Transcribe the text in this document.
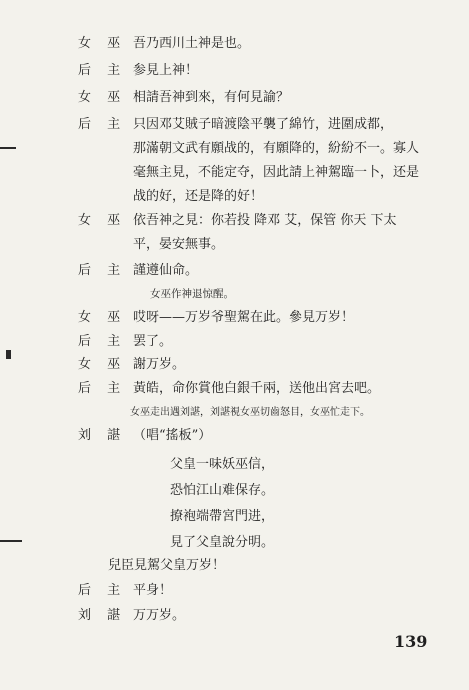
女 巫 吾乃西川土神是也。
后 主 参見上神！
女 巫 相請吾神到來，有何見諭？
后 主 只因邓艾賊子暗渡陰平襲了綿竹，进圍成都，
那滿朝文武有願战的，有願降的，紛紛不一。寡人
毫無主見，不能定夺，因此請上神駕臨一卜，还是
战的好，还是降的好！
女 巫 依吾神之見：你若投 降邓 艾，保管 你天 下太
平，晏安無事。
后 主 謹遵仙命。
女巫作神退惊醒。
女 巫 哎呀——万岁爷聖駕在此。參見万岁！
后 主 罢了。
女 巫 謝万岁。
后 主 黃皓，命你賞他白銀千兩，送他出宮去吧。
女巫走出遇刘諶，刘諶視女巫切齒怒目，女巫忙走下。
刘 諶 （唱“搖板”）
父皇一味妖巫信，
恐怕江山难保存。
撩袍端帶宮門进，
見了父皇說分明。
兒臣見駕父皇万岁！
后 主 平身！
刘 諶 万万岁。
139
